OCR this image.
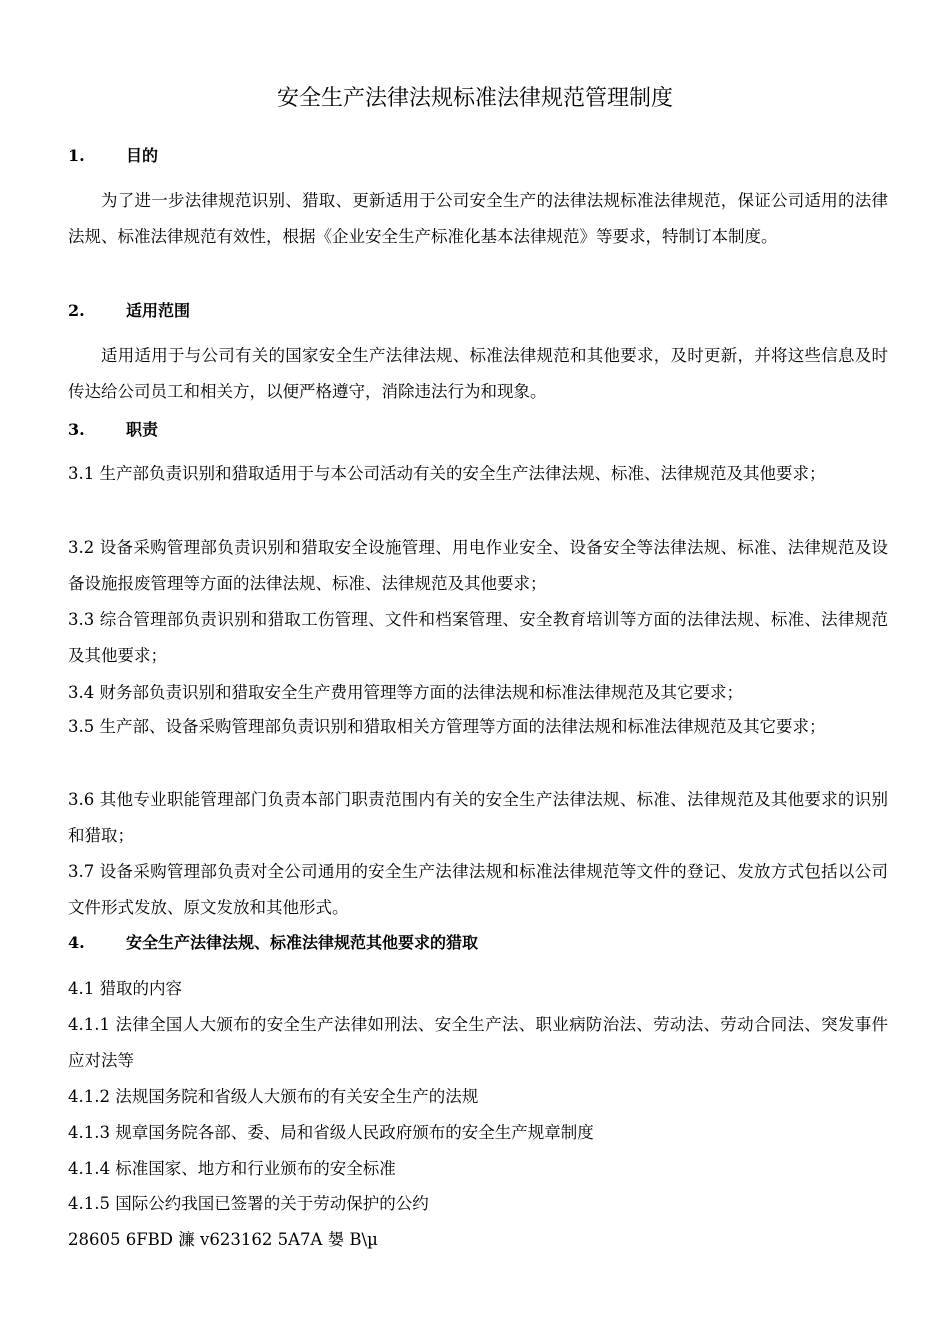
安全生产法律法规标准法律规范管理制度
1.	目的

为了进一步法律规范识别、猎取、更新适用于公司安全生产的法律法规标准法律规范，保证公司适用的法律法规、标准法律规范有效性，根据《企业安全生产标准化基本法律规范》等要求，特制订本制度。

2.	适用范围

适用适用于与公司有关的国家安全生产法律法规、标准法律规范和其他要求，及时更新，并将这些信息及时传达给公司员工和相关方，以便严格遵守，消除违法行为和现象。

3.	职责

3.1 生产部负责识别和猎取适用于与本公司活动有关的安全生产法律法规、标准、法律规范及其他要求；

3.2 设备采购管理部负责识别和猎取安全设施管理、用电作业安全、设备安全等法律法规、标准、法律规范及设备设施报废管理等方面的法律法规、标准、法律规范及其他要求；

3.3 综合管理部负责识别和猎取工伤管理、文件和档案管理、安全教育培训等方面的法律法规、标准、法律规范及其他要求；

3.4 财务部负责识别和猎取安全生产费用管理等方面的法律法规和标准法律规范及其它要求；

3.5 生产部、设备采购管理部负责识别和猎取相关方管理等方面的法律法规和标准法律规范及其它要求；

3.6 其他专业职能管理部门负责本部门职责范围内有关的安全生产法律法规、标准、法律规范及其他要求的识别和猎取；

3.7 设备采购管理部负责对全公司通用的安全生产法律法规和标准法律规范等文件的登记、发放方式包括以公司文件形式发放、原文发放和其他形式。

4.	安全生产法律法规、标准法律规范其他要求的猎取

4.1 猎取的内容

4.1.1 法律全国人大颁布的安全生产法律如刑法、安全生产法、职业病防治法、劳动法、劳动合同法、突发事件应对法等

4.1.2 法规国务院和省级人大颁布的有关安全生产的法规

4.1.3 规章国务院各部、委、局和省级人民政府颁布的安全生产规章制度

4.1.4 标准国家、地方和行业颁布的安全标准

4.1.5 国际公约我国已签署的关于劳动保护的公约

28605 6FBD 濂 v623162 5A7A 嫢 B\µ
